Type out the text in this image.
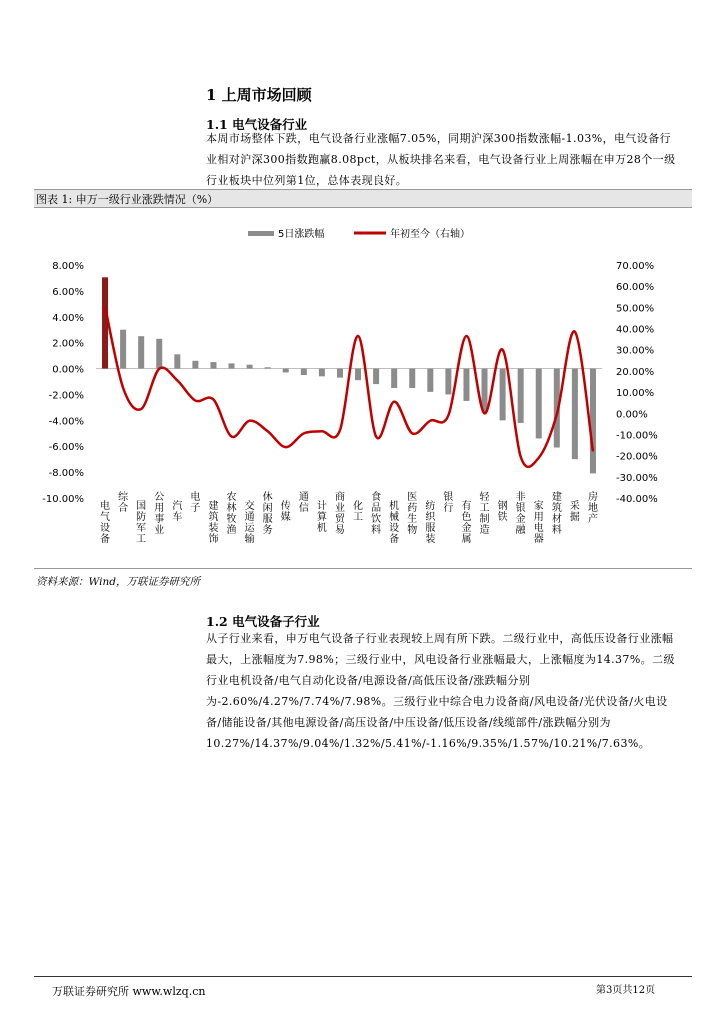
1 上周市场回顾
1.1 电气设备行业
本周市场整体下跌，电气设备行业涨幅7.05%，同期沪深300指数涨幅-1.03%，电气设备行业相对沪深300指数跑赢8.08pct，从板块排名来看，电气设备行业上周涨幅在申万28个一级行业板块中位列第1位，总体表现良好。
图表 1: 申万一级行业涨跌情况（%）
5日涨跌幅	年初至今（右轴）
8.00%
6.00%
4.00%
2.00%
0.00%
-2.00%
-4.00%
-6.00%
-8.00%
-10.00%
70.00%
60.00%
50.00%
40.00%
30.00%
20.00%
10.00%
0.00%
-10.00%
-20.00%
-30.00%
-40.00%
电气设备
综合 国防军工
公用事业
汽车
电子 建筑装饰
农林牧渔
交通运输
休闲服务
传媒
通信 计算机
商业贸易
化工
食品饮料
机械设备
医药生物
纺织服装
银行 有色金属
轻工制造
钢铁
非银金融
家用电器
建筑材料
采掘
房地产
资料来源：Wind，万联证券研究所
1.2 电气设备子行业
从子行业来看，申万电气设备子行业表现较上周有所下跌。二级行业中，高低压设备行业涨幅最大，上涨幅度为7.98%；三级行业中，风电设备行业涨幅最大，上涨幅度为14.37%。二级行业电机设备/电气自动化设备/电源设备/高低压设备/涨跌幅分别为-2.60%/4.27%/7.74%/7.98%。三级行业中综合电力设备商/风电设备/光伏设备/火电设备/储能设备/其他电源设备/高压设备/中压设备/低压设备/线缆部件/涨跌幅分别为10.27%/14.37%/9.04%/1.32%/5.41%/-1.16%/9.35%/1.57%/10.21%/7.63%。
万联证券研究所 www.wlzq.cn	第3页共12页
